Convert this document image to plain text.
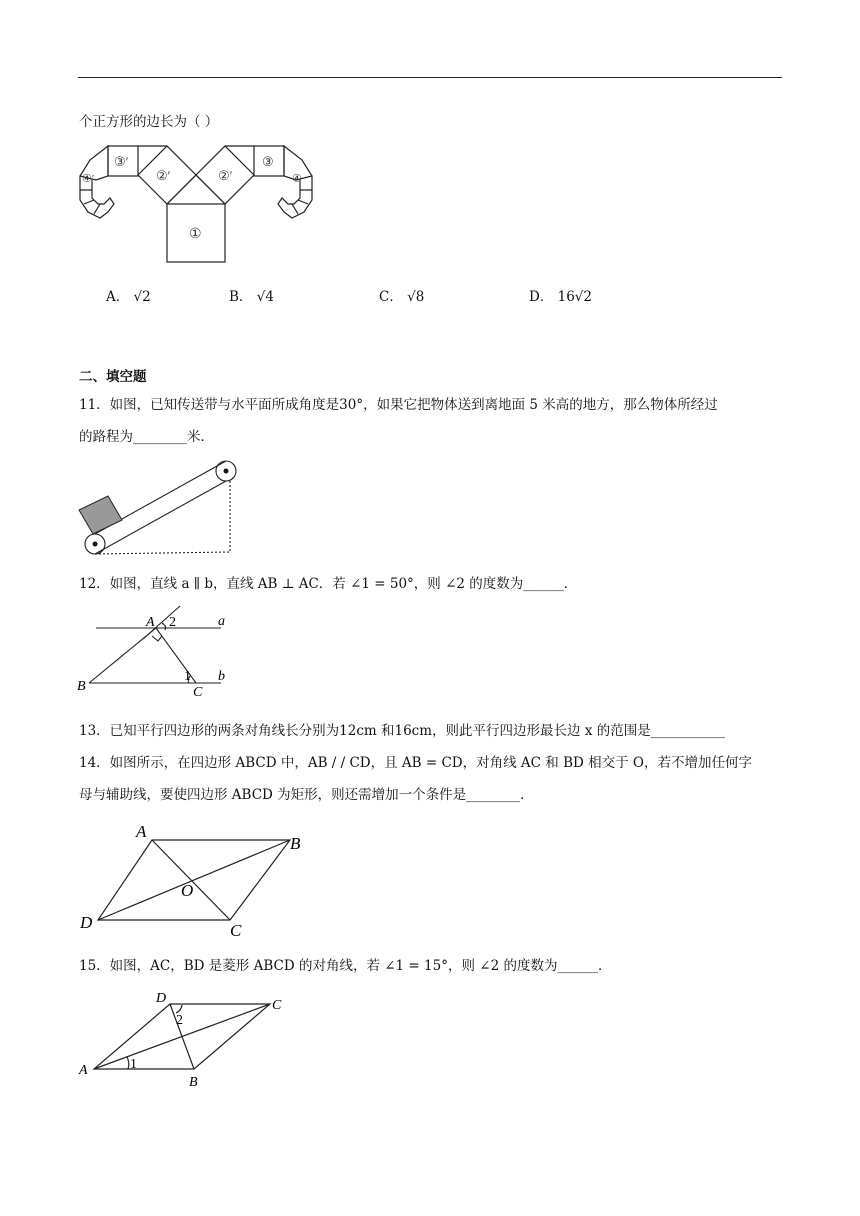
个正方形的边长为（ ）
①
②′	②′
③′	③
④′	④
A． √2	B． √4	C． √8	D． 16√2
二、填空题
11．如图，已知传送带与水平面所成角度是30°，如果它把物体送到离地面 5 米高的地方，那么物体所经过
的路程为________米．
12．如图，直线 a ∥ b，直线 AB ⊥ AC．若 ∠1 = 50°，则 ∠2 的度数为______．
A 2	a
B
1
C
b
13．已知平行四边形的两条对角线长分别为12cm 和16cm，则此平行四边形最长边 x 的范围是___________
14．如图所示，在四边形 ABCD 中，AB / / CD，且 AB = CD，对角线 AC 和 BD 相交于 O，若不增加任何字
母与辅助线，要使四边形 ABCD 为矩形，则还需增加一个条件是________．
A
B
O
D	C
15．如图，AC，BD 是菱形 ABCD 的对角线，若 ∠1 = 15°，则 ∠2 的度数为______．
D	C
2
A	1
B
